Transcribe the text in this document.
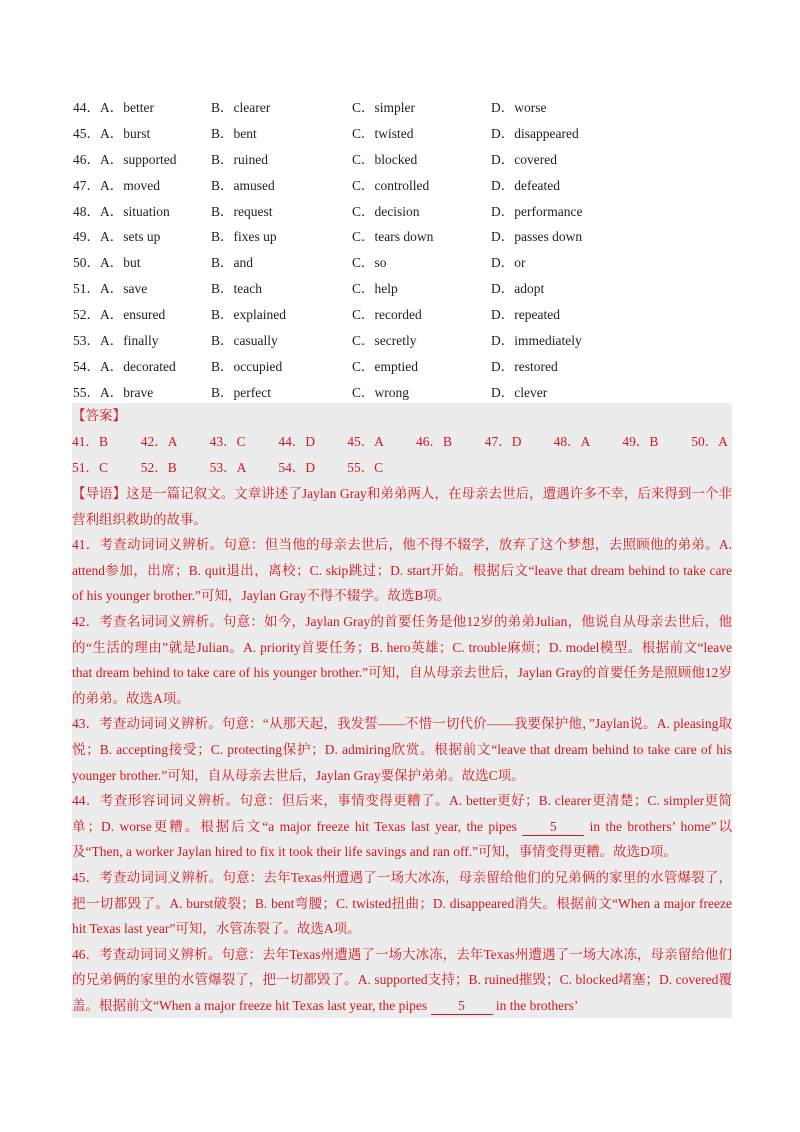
44．A．better	B．clearer	C．simpler	D．worse
45．A．burst	B．bent	C．twisted	D．disappeared
46．A．supported	B．ruined	C．blocked	D．covered
47．A．moved	B．amused	C．controlled	D．defeated
48．A．situation	B．request	C．decision	D．performance
49．A．sets up	B．fixes up	C．tears down	D．passes down
50．A．but	B．and	C．so	D．or
51．A．save	B．teach	C．help	D．adopt
52．A．ensured	B．explained	C．recorded	D．repeated
53．A．finally	B．casually	C．secretly	D．immediately
54．A．decorated	B．occupied	C．emptied	D．restored
55．A．brave	B．perfect	C．wrong	D．clever
【答案】
41．B 42．A 43．C 44．D 45．A 46．B 47．D 48．A 49．B 50．A
51．C 52．B 53．A 54．D 55．C

【导语】这是一篇记叙文。文章讲述了Jaylan Gray和弟弟两人，在母亲去世后，遭遇许多不幸，后来得到一个非营利组织救助的故事。

41．考查动词词义辨析。句意：但当他的母亲去世后，他不得不辍学，放弃了这个梦想，去照顾他的弟弟。A. attend参加，出席；B. quit退出，离校；C. skip跳过；D. start开始。根据后文“leave that dream behind to take care of his younger brother.”可知，Jaylan Gray不得不辍学。故选B项。

42．考查名词词义辨析。句意：如今，Jaylan Gray的首要任务是他12岁的弟弟Julian，他说自从母亲去世后，他的“生活的理由”就是Julian。A. priority首要任务；B. hero英雄；C. trouble麻烦；D. model模型。根据前文“leave that dream behind to take care of his younger brother.”可知，自从母亲去世后，Jaylan Gray的首要任务是照顾他12岁的弟弟。故选A项。

43．考查动词词义辨析。句意：“从那天起，我发誓——不惜一切代价——我要保护他，”Jaylan说。A. pleasing取悦；B. accepting接受；C. protecting保护；D. admiring欣赏。根据前文“leave that dream behind to take care of his younger brother.”可知，自从母亲去世后，Jaylan Gray要保护弟弟。故选C项。

44．考查形容词词义辨析。句意：但后来，事情变得更糟了。A. better更好；B. clearer更清楚；C. simpler更简单；D. worse更糟。根据后文“a major freeze hit Texas last year, the pipes 5 in the brothers’ home”以及“Then, a worker Jaylan hired to fix it took their life savings and ran off.”可知，事情变得更糟。故选D项。

45．考查动词词义辨析。句意：去年Texas州遭遇了一场大冰冻，母亲留给他们的兄弟俩的家里的水管爆裂了，把一切都毁了。A. burst破裂；B. bent弯腰；C. twisted扭曲；D. disappeared消失。根据前文“When a major freeze hit Texas last year”可知，水管冻裂了。故选A项。

46．考查动词词义辨析。句意：去年Texas州遭遇了一场大冰冻，去年Texas州遭遇了一场大冰冻，母亲留给他们的兄弟俩的家里的水管爆裂了，把一切都毁了。A. supported支持；B. ruined摧毁；C. blocked堵塞；D. covered覆盖。根据前文“When a major freeze hit Texas last year, the pipes 5 in the brothers’
